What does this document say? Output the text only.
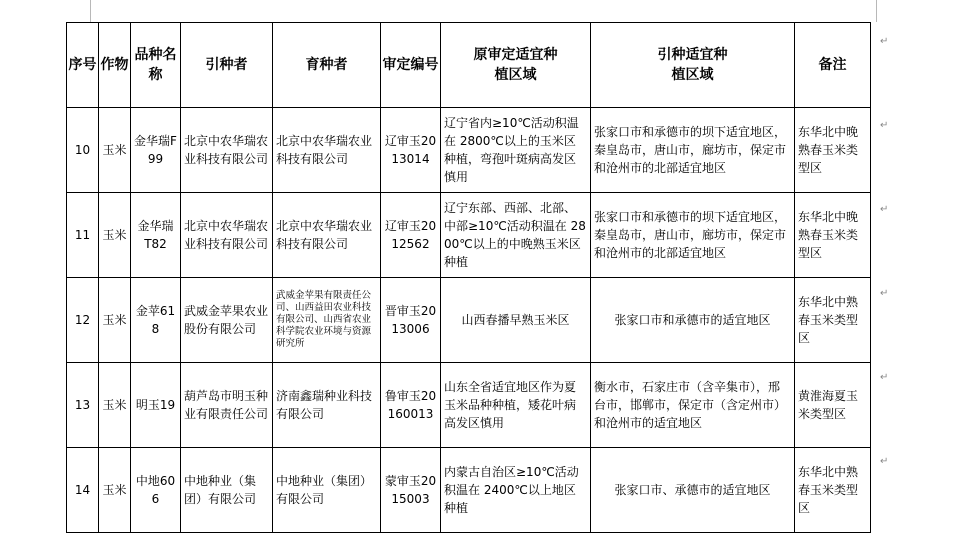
序号	作物	品种名称	引种者	育种者	审定编号	原审定适宜种植区域	引种适宜种植区域	备注
10	玉米	金华瑞F99	北京中农华瑞农业科技有限公司	北京中农华瑞农业科技有限公司	辽审玉2013014	辽宁省内≥10℃活动积温在 2800℃以上的玉米区种植，弯孢叶斑病高发区慎用	张家口市和承德市的坝下适宜地区，秦皇岛市，唐山市，廊坊市，保定市和沧州市的北部适宜地区	东华北中晚熟春玉米类型区
11	玉米	金华瑞T82	北京中农华瑞农业科技有限公司	北京中农华瑞农业科技有限公司	辽审玉2012562	辽宁东部、西部、北部、中部≥10℃活动积温在 2800℃以上的中晚熟玉米区种植	张家口市和承德市的坝下适宜地区，秦皇岛市，唐山市，廊坊市，保定市和沧州市的北部适宜地区	东华北中晚熟春玉米类型区
12	玉米	金苹618	武威金苹果农业股份有限公司	武威金苹果有限责任公司、山西益田农业科技有限公司、山西省农业科学院农业环境与资源研究所	晋审玉2013006	山西春播早熟玉米区	张家口市和承德市的适宜地区	东华北中熟春玉米类型区
13	玉米	明玉19	葫芦岛市明玉种业有限责任公司	济南鑫瑞种业科技有限公司	鲁审玉20160013	山东全省适宜地区作为夏玉米品种种植，矮花叶病高发区慎用	衡水市，石家庄市（含辛集市），邢台市，邯郸市，保定市（含定州市）和沧州市的适宜地区	黄淮海夏玉米类型区
14	玉米	中地606	中地种业（集团）有限公司	中地种业（集团）有限公司	蒙审玉2015003	内蒙古自治区≥10℃活动积温在 2400℃以上地区种植	张家口市、承德市的适宜地区	东华北中熟春玉米类型区
↵
↵
↵
↵
↵
↵
